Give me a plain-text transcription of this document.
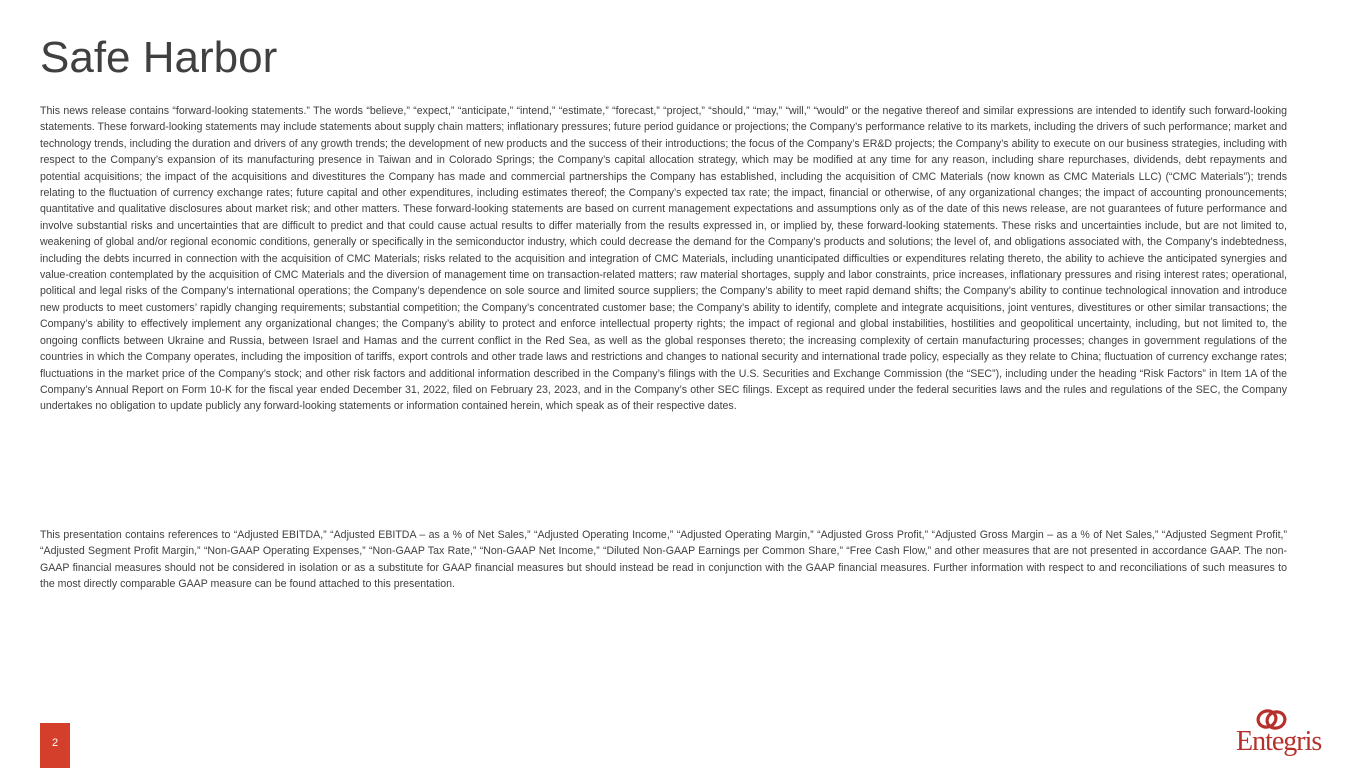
Safe Harbor

This news release contains “forward-looking statements.” The words “believe,” “expect,” “anticipate,” “intend,” “estimate,” “forecast,” “project,” “should,” “may,” “will,” “would” or the negative thereof and similar expressions are intended to identify such forward-looking statements. These forward-looking statements may include statements about supply chain matters; inflationary pressures; future period guidance or projections; the Company’s performance relative to its markets, including the drivers of such performance; market and technology trends, including the duration and drivers of any growth trends; the development of new products and the success of their introductions; the focus of the Company’s ER&D projects; the Company’s ability to execute on our business strategies, including with respect to the Company’s expansion of its manufacturing presence in Taiwan and in Colorado Springs; the Company’s capital allocation strategy, which may be modified at any time for any reason, including share repurchases, dividends, debt repayments and potential acquisitions; the impact of the acquisitions and divestitures the Company has made and commercial partnerships the Company has established, including the acquisition of CMC Materials (now known as CMC Materials LLC) (“CMC Materials”); trends relating to the fluctuation of currency exchange rates; future capital and other expenditures, including estimates thereof; the Company’s expected tax rate; the impact, financial or otherwise, of any organizational changes; the impact of accounting pronouncements; quantitative and qualitative disclosures about market risk; and other matters. These forward-looking statements are based on current management expectations and assumptions only as of the date of this news release, are not guarantees of future performance and involve substantial risks and uncertainties that are difficult to predict and that could cause actual results to differ materially from the results expressed in, or implied by, these forward-looking statements. These risks and uncertainties include, but are not limited to, weakening of global and/or regional economic conditions, generally or specifically in the semiconductor industry, which could decrease the demand for the Company’s products and solutions; the level of, and obligations associated with, the Company’s indebtedness, including the debts incurred in connection with the acquisition of CMC Materials; risks related to the acquisition and integration of CMC Materials, including unanticipated difficulties or expenditures relating thereto, the ability to achieve the anticipated synergies and value-creation contemplated by the acquisition of CMC Materials and the diversion of management time on transaction-related matters; raw material shortages, supply and labor constraints, price increases, inflationary pressures and rising interest rates; operational, political and legal risks of the Company’s international operations; the Company’s dependence on sole source and limited source suppliers; the Company’s ability to meet rapid demand shifts; the Company’s ability to continue technological innovation and introduce new products to meet customers’ rapidly changing requirements; substantial competition; the Company’s concentrated customer base; the Company’s ability to identify, complete and integrate acquisitions, joint ventures, divestitures or other similar transactions; the Company’s ability to effectively implement any organizational changes; the Company’s ability to protect and enforce intellectual property rights; the impact of regional and global instabilities, hostilities and geopolitical uncertainty, including, but not limited to, the ongoing conflicts between Ukraine and Russia, between Israel and Hamas and the current conflict in the Red Sea, as well as the global responses thereto; the increasing complexity of certain manufacturing processes; changes in government regulations of the countries in which the Company operates, including the imposition of tariffs, export controls and other trade laws and restrictions and changes to national security and international trade policy, especially as they relate to China; fluctuation of currency exchange rates; fluctuations in the market price of the Company’s stock; and other risk factors and additional information described in the Company’s filings with the U.S. Securities and Exchange Commission (the “SEC”), including under the heading “Risk Factors” in Item 1A of the Company’s Annual Report on Form 10-K for the fiscal year ended December 31, 2022, filed on February 23, 2023, and in the Company’s other SEC filings. Except as required under the federal securities laws and the rules and regulations of the SEC, the Company undertakes no obligation to update publicly any forward-looking statements or information contained herein, which speak as of their respective dates.

This presentation contains references to “Adjusted EBITDA,” “Adjusted EBITDA – as a % of Net Sales,” “Adjusted Operating Income,” “Adjusted Operating Margin,” “Adjusted Gross Profit,” “Adjusted Gross Margin – as a % of Net Sales,” “Adjusted Segment Profit,” “Adjusted Segment Profit Margin,” “Non-GAAP Operating Expenses,” “Non-GAAP Tax Rate,” “Non-GAAP Net Income,” “Diluted Non-GAAP Earnings per Common Share,” “Free Cash Flow,” and other measures that are not presented in accordance GAAP. The non-GAAP financial measures should not be considered in isolation or as a substitute for GAAP financial measures but should instead be read in conjunction with the GAAP financial measures. Further information with respect to and reconciliations of such measures to the most directly comparable GAAP measure can be found attached to this presentation.

2	Entegris
